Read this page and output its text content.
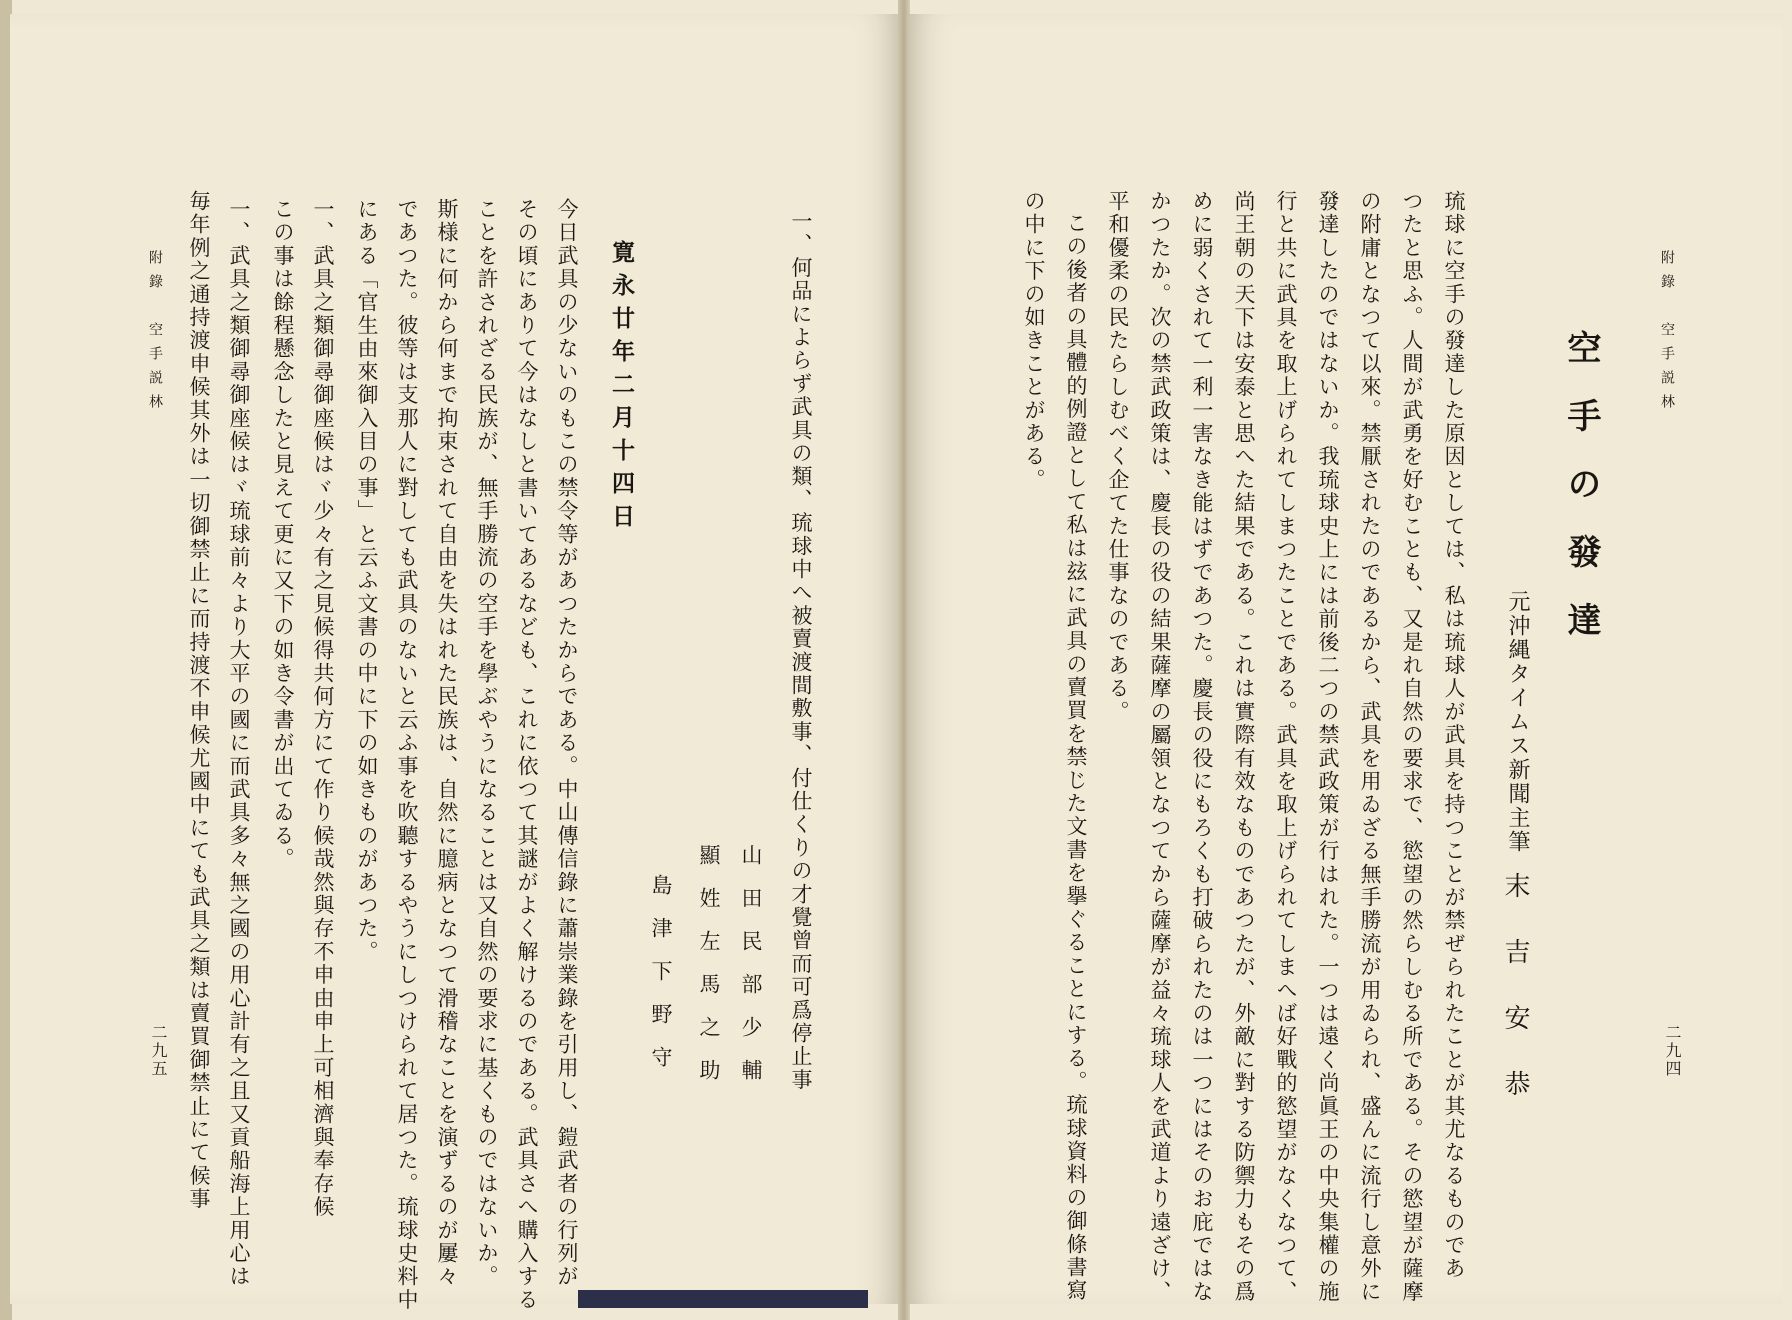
一、何品によらず武具の類、琉球中へ被賣渡間敷事、付仕くりの才覺曾而可爲停止事
山田民部少輔
顯姓左馬之助
島津下野守
寛永廿年二月十四日
今日武具の少ないのもこの禁令等があつたからである。中山傳信錄に蕭崇業錄を引用し、鎧武者の行列が
その頃にありて今はなしと書いてあるなども、これに依つて其謎がよく解けるのである。武具さへ購入する
ことを許されざる民族が、無手勝流の空手を學ぶやうになることは又自然の要求に基くものではないか。
斯様に何から何まで拘束されて自由を失はれた民族は、自然に臆病となつて滑稽なことを演ずるのが屢々
であつた。彼等は支那人に對しても武具のないと云ふ事を吹聽するやうにしつけられて居つた。琉球史料中
にある「官生由來御入目の事」と云ふ文書の中に下の如きものがあつた。
一、武具之類御尋御座候はヾ少々有之見候得共何方にて作り候哉然與存不申由申上可相濟與奉存候
この事は餘程懸念したと見えて更に又下の如き令書が出てゐる。
一、武具之類御尋御座候はヾ琉球前々より大平の國に而武具多々無之國の用心計有之且又貢船海上用心は
毎年例之通持渡申候其外は一切御禁止に而持渡不申候尤國中にても武具之類は賣買御禁止にて候事
附錄　空手説林
二九五
附錄　空手説林
空手の發達
元沖縄タイムス新聞主筆
末吉安恭
琉球に空手の發達した原因としては、私は琉球人が武具を持つことが禁ぜられたことが其尤なるものであ
つたと思ふ。人間が武勇を好むことも、又是れ自然の要求で、慾望の然らしむる所である。その慾望が薩摩
の附庸となつて以來。禁厭されたのであるから、武具を用ゐざる無手勝流が用ゐられ、盛んに流行し意外に
發達したのではないか。我琉球史上には前後二つの禁武政策が行はれた。一つは遠く尚眞王の中央集權の施
行と共に武具を取上げられてしまつたことである。武具を取上げられてしまへば好戰的慾望がなくなつて、
尚王朝の天下は安泰と思へた結果である。これは實際有效なものであつたが、外敵に對する防禦力もその爲
めに弱くされて一利一害なき能はずであつた。慶長の役にもろくも打破られたのは一つにはそのお庇ではな
かつたか。次の禁武政策は、慶長の役の結果薩摩の屬領となつてから薩摩が益々琉球人を武道より遠ざけ、
平和優柔の民たらしむべく企てた仕事なのである。
この後者の具體的例證として私は玆に武具の賣買を禁じた文書を擧ぐることにする。琉球資料の御條書寫
の中に下の如きことがある。
二九四
